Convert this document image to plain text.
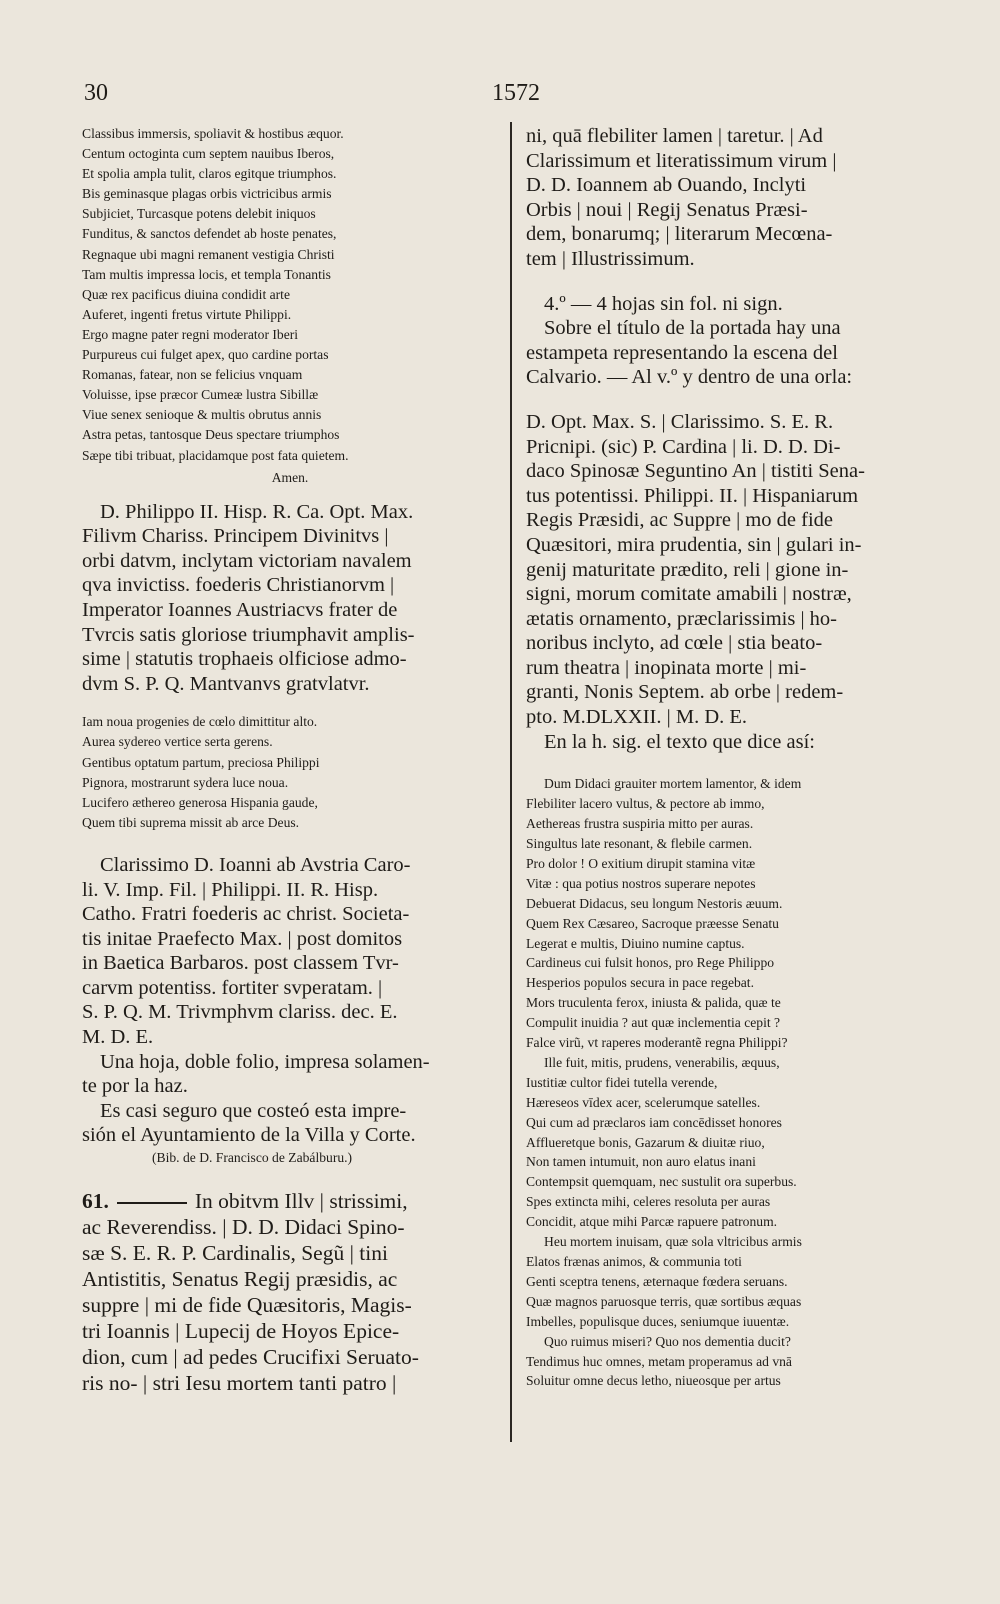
30	1572
Classibus immersis, spoliavit & hostibus æquor.
Centum octoginta cum septem nauibus Iberos,
Et spolia ampla tulit, claros egitque triumphos.
Bis geminasque plagas orbis victricibus armis
Subjiciet, Turcasque potens delebit iniquos
Funditus, & sanctos defendet ab hoste penates,
Regnaque ubi magni remanent vestigia Christi
Tam multis impressa locis, et templa Tonantis
Quæ rex pacificus diuina condidit arte
Auferet, ingenti fretus virtute Philippi.
Ergo magne pater regni moderator Iberi
Purpureus cui fulget apex, quo cardine portas
Romanas, fatear, non se felicius vnquam
Voluisse, ipse præcor Cumeæ lustra Sibillæ
Viue senex senioque & multis obrutus annis
Astra petas, tantosque Deus spectare triumphos
Sæpe tibi tribuat, placidamque post fata quietem.
Amen.
D. Philippo II. Hisp. R. Ca. Opt. Max.
Filivm Chariss. Principem Divinitvs |
orbi datvm, inclytam victoriam navalem
qva invictiss. foederis Christianorvm |
Imperator Ioannes Austriacvs frater de
Tvrcis satis gloriose triumphavit amplis-
sime | statutis trophaeis olficiose admo-
dvm S. P. Q. Mantvanvs gratvlatvr.
Iam noua progenies de cœlo dimittitur alto.
Aurea sydereo vertice serta gerens.
Gentibus optatum partum, preciosa Philippi
Pignora, mostrarunt sydera luce noua.
Lucifero æthereo generosa Hispania gaude,
Quem tibi suprema missit ab arce Deus.
Clarissimo D. Ioanni ab Avstria Caro-
li. V. Imp. Fil. | Philippi. II. R. Hisp.
Catho. Fratri foederis ac christ. Societa-
tis initae Praefecto Max. | post domitos
in Baetica Barbaros. post classem Tvr-
carvm potentiss. fortiter svperatam. |
S. P. Q. M. Trivmphvm clariss. dec. E.
M. D. E.
Una hoja, doble folio, impresa solamen-
te por la haz.
Es casi seguro que costeó esta impre-
sión el Ayuntamiento de la Villa y Corte.
(Bib. de D. Francisco de Zabálburu.)
61.	In obitvm Illv | strissimi,
ac Reverendiss. | D. D. Didaci Spino-
sæ S. E. R. P. Cardinalis, Segũ | tini
Antistitis, Senatus Regij præsidis, ac
suppre | mi de fide Quæsitoris, Magis-
tri Ioannis | Lupecij de Hoyos Epice-
dion, cum | ad pedes Crucifixi Seruato-
ris no- | stri Iesu mortem tanti patro |
ni, quā flebiliter lamen | taretur. | Ad
Clarissimum et literatissimum virum |
D. D. Ioannem ab Ouando, Inclyti
Orbis | noui | Regij Senatus Præsi-
dem, bonarumq; | literarum Mecœna-
tem | Illustrissimum.
4.º — 4 hojas sin fol. ni sign.
Sobre el título de la portada hay una
estampeta representando la escena del
Calvario. — Al v.º y dentro de una orla:
D. Opt. Max. S. | Clarissimo. S. E. R.
Pricnipi. (sic) P. Cardina | li. D. D. Di-
daco Spinosæ Seguntino An | tistiti Sena-
tus potentissi. Philippi. II. | Hispaniarum
Regis Præsidi, ac Suppre | mo de fide
Quæsitori, mira prudentia, sin | gulari in-
genij maturitate prædito, reli | gione in-
signi, morum comitate amabili | nostræ,
ætatis ornamento, præclarissimis | ho-
noribus inclyto, ad cœle | stia beato-
rum theatra | inopinata morte | mi-
granti, Nonis Septem. ab orbe | redem-
pto. M.DLXXII. | M. D. E.
En la h. sig. el texto que dice así:
Dum Didaci grauiter mortem lamentor, & idem
Flebiliter lacero vultus, & pectore ab immo,
Aethereas frustra suspiria mitto per auras.
Singultus late resonant, & flebile carmen.
Pro dolor ! O exitium dirupit stamina vitæ
Vitæ : qua potius nostros superare nepotes
Debuerat Didacus, seu longum Nestoris æuum.
Quem Rex Cæsareo, Sacroque præesse Senatu
Legerat e multis, Diuino numine captus.
Cardineus cui fulsit honos, pro Rege Philippo
Hesperios populos secura in pace regebat.
Mors truculenta ferox, iniusta & palida, quæ te
Compulit inuidia ? aut quæ inclementia cepit ?
Falce virũ, vt raperes moderantẽ regna Philippi?
Ille fuit, mitis, prudens, venerabilis, æquus,
Iustitiæ cultor fidei tutella verende,
Hæreseos vīdex acer, scelerumque satelles.
Qui cum ad præclaros iam concēdisset honores
Afflueretque bonis, Gazarum & diuitæ riuo,
Non tamen intumuit, non auro elatus inani
Contempsit quemquam, nec sustulit ora superbus.
Spes extincta mihi, celeres resoluta per auras
Concidit, atque mihi Parcæ rapuere patronum.
Heu mortem inuisam, quæ sola vltricibus armis
Elatos frænas animos, & communia toti
Genti sceptra tenens, æternaque fœdera seruans.
Quæ magnos paruosque terris, quæ sortibus æquas
Imbelles, populisque duces, seniumque iuuentæ.
Quo ruimus miseri? Quo nos dementia ducit?
Tendimus huc omnes, metam properamus ad vnā
Soluitur omne decus letho, niueosque per artus
